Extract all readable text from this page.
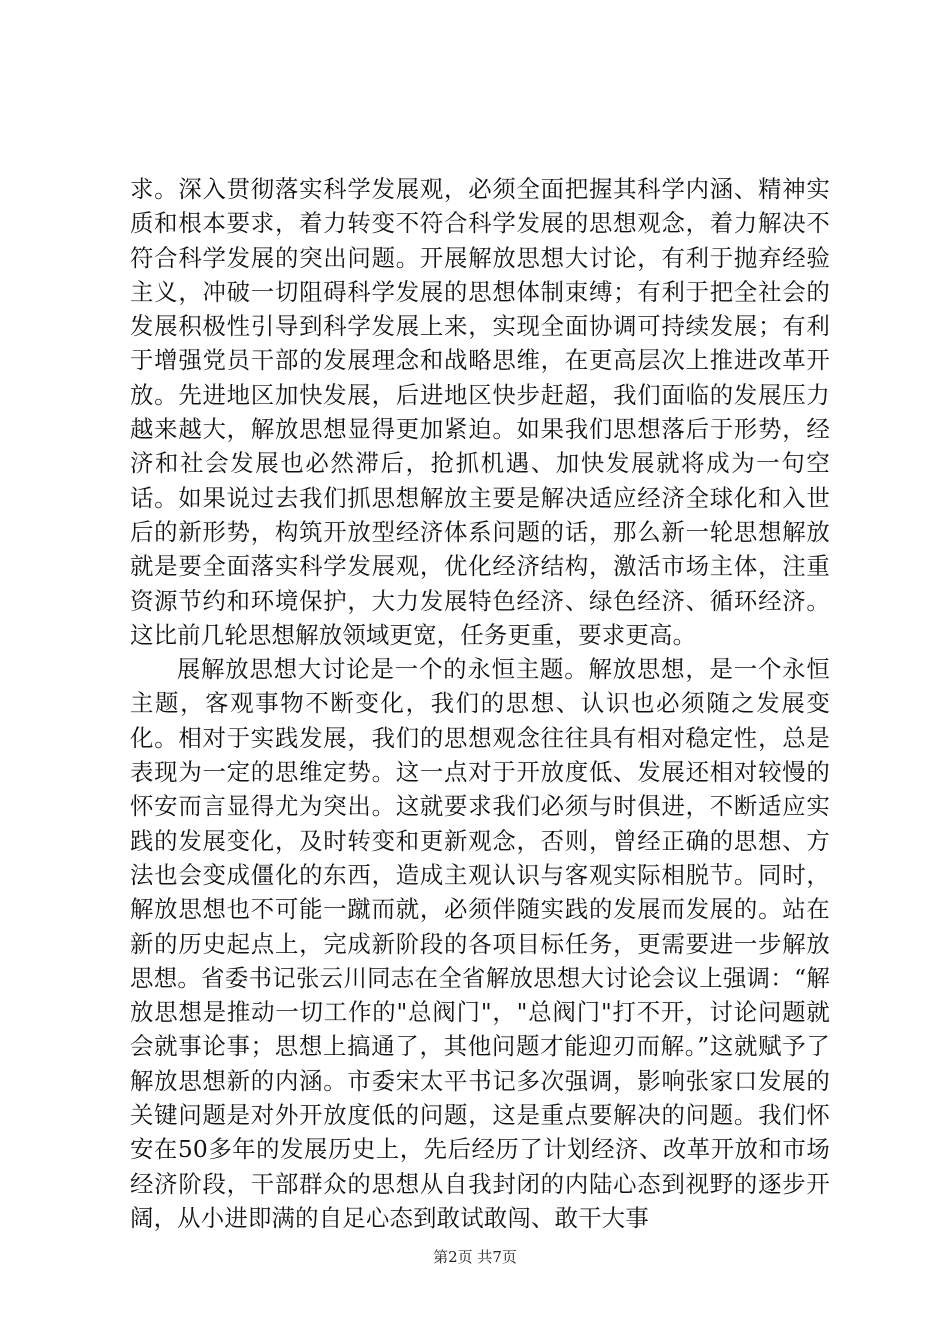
求。深入贯彻落实科学发展观，必须全面把握其科学内涵、精神实质和根本要求，着力转变不符合科学发展的思想观念，着力解决不符合科学发展的突出问题。开展解放思想大讨论，有利于抛弃经验主义，冲破一切阻碍科学发展的思想体制束缚；有利于把全社会的发展积极性引导到科学发展上来，实现全面协调可持续发展；有利于增强党员干部的发展理念和战略思维，在更高层次上推进改革开放。先进地区加快发展，后进地区快步赶超，我们面临的发展压力越来越大，解放思想显得更加紧迫。如果我们思想落后于形势，经济和社会发展也必然滞后，抢抓机遇、加快发展就将成为一句空话。如果说过去我们抓思想解放主要是解决适应经济全球化和入世后的新形势，构筑开放型经济体系问题的话，那么新一轮思想解放就是要全面落实科学发展观，优化经济结构，激活市场主体，注重资源节约和环境保护，大力发展特色经济、绿色经济、循环经济。这比前几轮思想解放领域更宽，任务更重，要求更高。

展解放思想大讨论是一个的永恒主题。解放思想，是一个永恒主题，客观事物不断变化，我们的思想、认识也必须随之发展变化。相对于实践发展，我们的思想观念往往具有相对稳定性，总是表现为一定的思维定势。这一点对于开放度低、发展还相对较慢的怀安而言显得尤为突出。这就要求我们必须与时俱进，不断适应实践的发展变化，及时转变和更新观念，否则，曾经正确的思想、方法也会变成僵化的东西，造成主观认识与客观实际相脱节。同时，解放思想也不可能一蹴而就，必须伴随实践的发展而发展的。站在新的历史起点上，完成新阶段的各项目标任务，更需要进一步解放思想。省委书记张云川同志在全省解放思想大讨论会议上强调：“解放思想是推动一切工作的"总阀门"，"总阀门"打不开，讨论问题就会就事论事；思想上搞通了，其他问题才能迎刃而解。”这就赋予了解放思想新的内涵。市委宋太平书记多次强调，影响张家口发展的关键问题是对外开放度低的问题，这是重点要解决的问题。我们怀安在50多年的发展历史上，先后经历了计划经济、改革开放和市场经济阶段，干部群众的思想从自我封闭的内陆心态到视野的逐步开阔，从小进即满的自足心态到敢试敢闯、敢干大事

第2页 共7页
